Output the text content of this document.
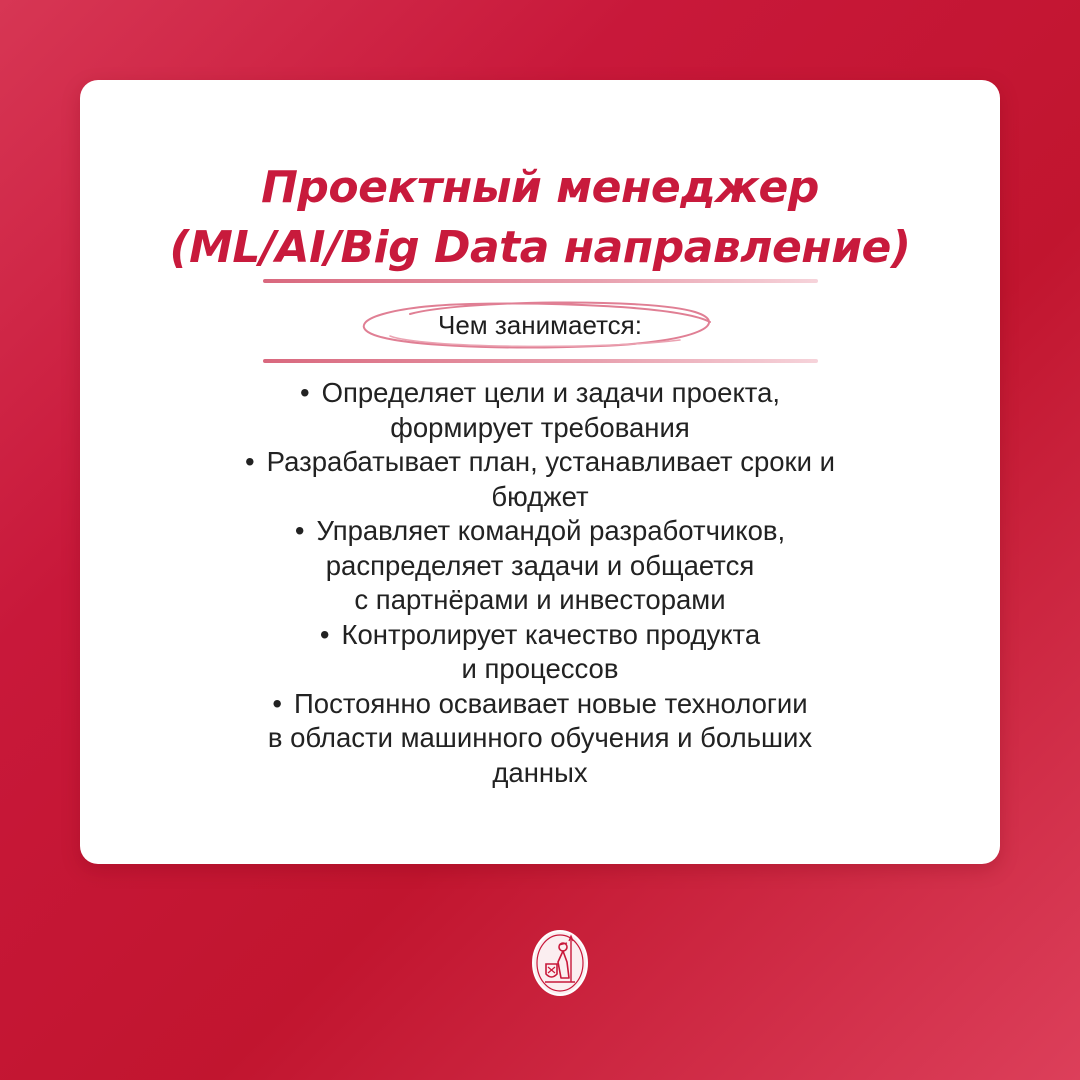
Проектный менеджер
(ML/AI/Big Data направление)
Чем занимается:
• Определяет цели и задачи проекта,
формирует требования
• Разрабатывает план, устанавливает сроки и
бюджет
• Управляет командой разработчиков,
распределяет задачи и общается
с партнёрами и инвесторами
• Контролирует качество продукта
и процессов
• Постоянно осваивает новые технологии
в области машинного обучения и больших
данных
